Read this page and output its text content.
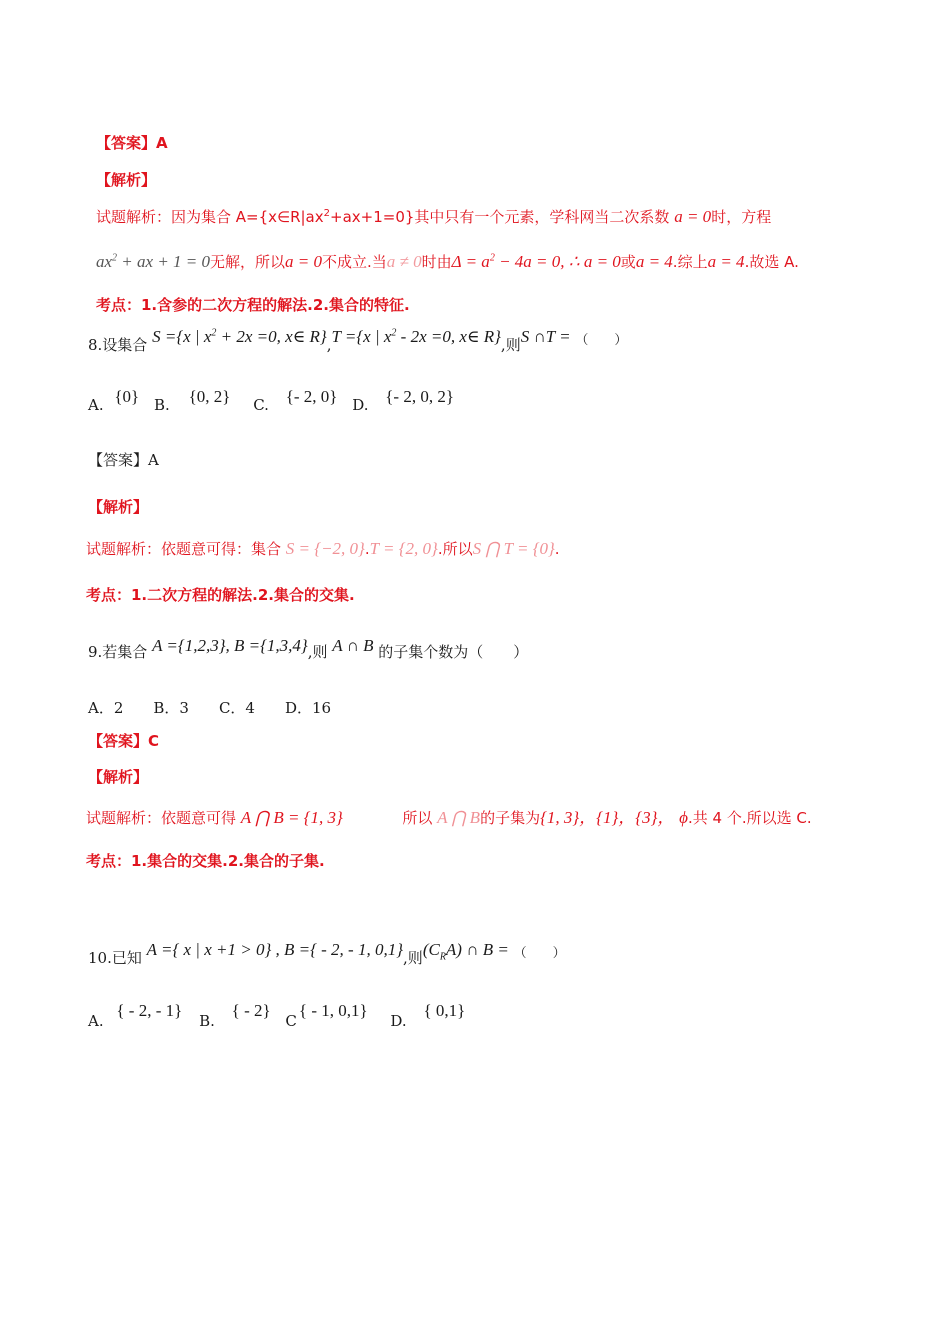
【答案】A
【解析】
试题解析：因为集合 $A=\{x\in R|ax^2+ax+1=0\}$其中只有一个元素，学科网当二次系数 a = 0时，方程
$ax^2$ + ax + 1 = 0无解，所以a = 0不成立.当a ≠ 0时由$\Delta = a^2 - 4a = 0$, ∴ a = 0或a = 4.综上a = 4.故选 A.
考点：1.含参的二次方程的解法.2.集合的特征.
8.设集合 S ={x | $x^2 + 2x =0$, x∈ R},T ={x | $x^2 - 2x =0$, x∈ R},则S ∩T = （　　）
A. {0} B. {0, 2} C. {- 2, 0} D. {- 2, 0, 2}
【答案】A
【解析】
试题解析：依题意可得：集合 S = {−2, 0}.T = {2, 0}.所以S ⋂ T = {0}.
考点：1.二次方程的解法.2.集合的交集.
9.若集合 A ={1,2,3}, B ={1,3,4},则 A ∩ B 的子集个数为（　　）
A．2　　B．3　　C．4　　D．16
【答案】C
【解析】
试题解析：依题意可得 A ⋂ B = {1, 3}	所以 A ⋂ B的子集为{1, 3}，{1}，{3}， ϕ.共 4 个.所以选 C.
考点：1.集合的交集.2.集合的子集.
10.已知 A ={ x | x +1 > 0} , B ={ - 2, - 1, 0,1},则$(C_RA)$ ∩ B = （　　）
A. { - 2, - 1} B. { - 2} C{ - 1, 0,1} D. { 0,1}
